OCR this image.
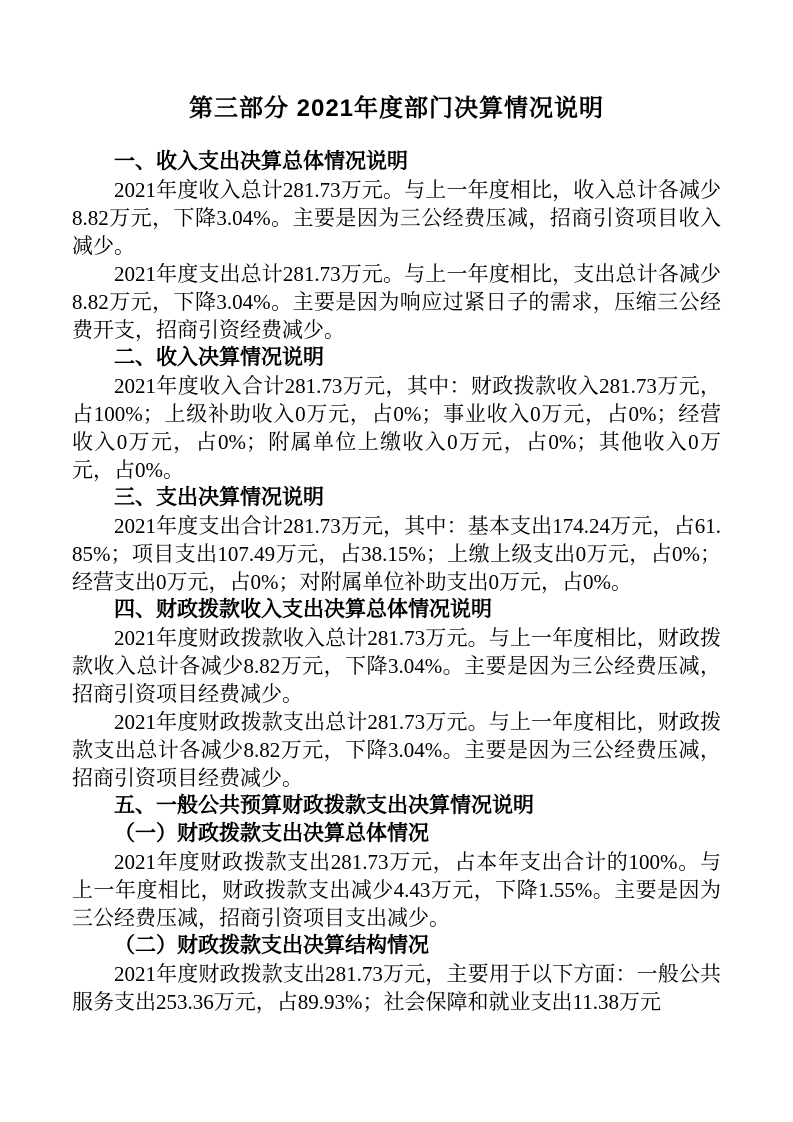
第三部分 2021年度部门决算情况说明
一、收入支出决算总体情况说明

2021年度收入总计281.73万元。与上一年度相比，收入总计各减少8.82万元，下降3.04%。主要是因为三公经费压减，招商引资项目收入减少。

2021年度支出总计281.73万元。与上一年度相比，支出总计各减少8.82万元，下降3.04%。主要是因为响应过紧日子的需求，压缩三公经费开支，招商引资经费减少。

二、收入决算情况说明

2021年度收入合计281.73万元，其中：财政拨款收入281.73万元，占100%；上级补助收入0万元，占0%；事业收入0万元，占0%；经营收入0万元，占0%；附属单位上缴收入0万元，占0%；其他收入0万元，占0%。

三、支出决算情况说明

2021年度支出合计281.73万元，其中：基本支出174.24万元，占61.85%；项目支出107.49万元，占38.15%；上缴上级支出0万元，占0%；经营支出0万元，占0%；对附属单位补助支出0万元，占0%。

四、财政拨款收入支出决算总体情况说明

2021年度财政拨款收入总计281.73万元。与上一年度相比，财政拨款收入总计各减少8.82万元，下降3.04%。主要是因为三公经费压减，招商引资项目经费减少。

2021年度财政拨款支出总计281.73万元。与上一年度相比，财政拨款支出总计各减少8.82万元，下降3.04%。主要是因为三公经费压减，招商引资项目经费减少。

五、一般公共预算财政拨款支出决算情况说明
（一）财政拨款支出决算总体情况

2021年度财政拨款支出281.73万元，占本年支出合计的100%。与上一年度相比，财政拨款支出减少4.43万元，下降1.55%。主要是因为三公经费压减，招商引资项目支出减少。

（二）财政拨款支出决算结构情况

2021年度财政拨款支出281.73万元，主要用于以下方面：一般公共服务支出253.36万元，占89.93%；社会保障和就业支出11.38万元
